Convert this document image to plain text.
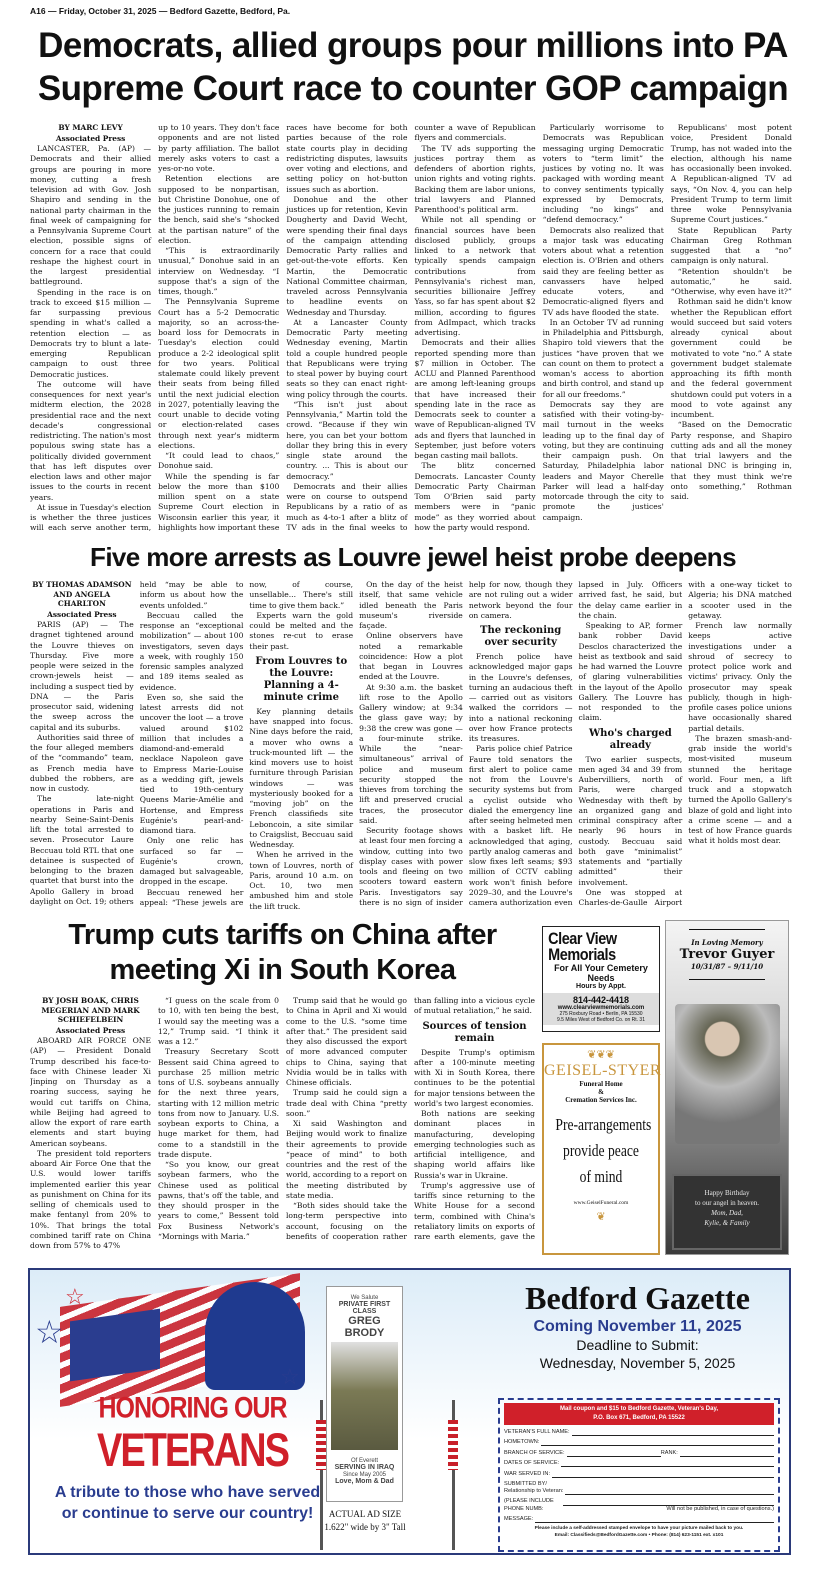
A16 — Friday, October 31, 2025 — Bedford Gazette, Bedford, Pa.
Democrats, allied groups pour millions into PA Supreme Court race to counter GOP campaign

BY MARC LEVY

Associated Press

LANCASTER, Pa. (AP) — Democrats and their allied groups are pouring in more money, cutting a fresh television ad with Gov. Josh Shapiro and sending in the national party chairman in the final week of campaigning for a Pennsylvania Supreme Court election, possible signs of concern for a race that could reshape the highest court in the largest presidential battleground.

Spending in the race is on track to exceed $15 million — far surpassing previous spending in what's called a retention election — as Democrats try to blunt a late-emerging Republican campaign to oust three Democratic justices.

The outcome will have consequences for next year's midterm election, the 2028 presidential race and the next decade's congressional redistricting. The nation's most populous swing state has a politically divided government that has left disputes over election laws and other major issues to the courts in recent years.

At issue in Tuesday's election is whether the three justices will each serve another term, up to 10 years. They don't face opponents and are not listed by party affiliation. The ballot merely asks voters to cast a yes-or-no vote.

Retention elections are supposed to be nonpartisan, but Christine Donohue, one of the justices running to remain the bench, said she's “shocked at the partisan nature” of the election.

“This is extraordinarily unusual,” Donohue said in an interview on Wednesday. “I suppose that's a sign of the times, though.”

The Pennsylvania Supreme Court has a 5-2 Democratic majority, so an across-the-board loss for Democrats in Tuesday's election could produce a 2-2 ideological split for two years. Political stalemate could likely prevent their seats from being filled until the next judicial election in 2027, potentially leaving the court unable to decide voting or election-related cases through next year's midterm elections.

“It could lead to chaos,” Donohue said.

While the spending is far below the more than $100 million spent on a state Supreme Court election in Wisconsin earlier this year, it highlights how important these races have become for both parties because of the role state courts play in deciding redistricting disputes, lawsuits over voting and elections, and setting policy on hot-button issues such as abortion.

Donohue and the other justices up for retention, Kevin Dougherty and David Wecht, were spending their final days of the campaign attending Democratic Party rallies and get-out-the-vote efforts. Ken Martin, the Democratic National Committee chairman, traveled across Pennsylvania to headline events on Wednesday and Thursday.

At a Lancaster County Democratic Party meeting Wednesday evening, Martin told a couple hundred people that Republicans were trying to steal power by buying court seats so they can enact right-wing policy through the courts.

“This isn't just about Pennsylvania,” Martin told the crowd. “Because if they win here, you can bet your bottom dollar they bring this in every single state around the country. ... This is about our democracy.”

Democrats and their allies were on course to outspend Republicans by a ratio of as much as 4-to-1 after a blitz of TV ads in the final weeks to counter a wave of Republican flyers and commercials.

The TV ads supporting the justices portray them as defenders of abortion rights, union rights and voting rights. Backing them are labor unions, trial lawyers and Planned Parenthood's political arm.

While not all spending or financial sources have been disclosed publicly, groups linked to a network that typically spends campaign contributions from Pennsylvania's richest man, securities billionaire Jeffrey Yass, so far has spent about $2 million, according to figures from AdImpact, which tracks advertising.

Democrats and their allies reported spending more than $7 million in October. The ACLU and Planned Parenthood are among left-leaning groups that have increased their spending late in the race as Democrats seek to counter a wave of Republican-aligned TV ads and flyers that launched in September, just before voters began casting mail ballots.

The blitz concerned Democrats. Lancaster County Democratic Party Chairman Tom O'Brien said party members were in “panic mode” as they worried about how the party would respond.

Particularly worrisome to Democrats was Republican messaging urging Democratic voters to “term limit” the justices by voting no. It was packaged with wording meant to convey sentiments typically expressed by Democrats, including “no kings” and “defend democracy.”

Democrats also realized that a major task was educating voters about what a retention election is. O'Brien and others said they are feeling better as canvassers have helped educate voters, and Democratic-aligned flyers and TV ads have flooded the state.

In an October TV ad running in Philadelphia and Pittsburgh, Shapiro told viewers that the justices “have proven that we can count on them to protect a woman's access to abortion and birth control, and stand up for all our freedoms.”

Democrats say they are satisfied with their voting-by-mail turnout in the weeks leading up to the final day of voting, but they are continuing their campaign push. On Saturday, Philadelphia labor leaders and Mayor Cherelle Parker will lead a half-day motorcade through the city to promote the justices' campaign.

Republicans' most potent voice, President Donald Trump, has not waded into the election, although his name has occasionally been invoked. A Republican-aligned TV ad says, “On Nov. 4, you can help President Trump to term limit three woke Pennsylvania Supreme Court justices.”

State Republican Party Chairman Greg Rothman suggested that a “no” campaign is only natural.

“Retention shouldn't be automatic,” he said. “Otherwise, why even have it?”

Rothman said he didn't know whether the Republican effort would succeed but said voters already cynical about government could be motivated to vote “no.” A state government budget stalemate approaching its fifth month and the federal government shutdown could put voters in a mood to vote against any incumbent.

“Based on the Democratic Party response, and Shapiro cutting ads and all the money that trial lawyers and the national DNC is bringing in, that they must think we're onto something,” Rothman said.

Five more arrests as Louvre jewel heist probe deepens

BY THOMAS ADAMSON AND ANGELA CHARLTON

Associated Press

PARIS (AP) — The dragnet tightened around the Louvre thieves on Thursday. Five more people were seized in the crown-jewels heist — including a suspect tied by DNA — the Paris prosecutor said, widening the sweep across the capital and its suburbs.

Authorities said three of the four alleged members of the “commando” team, as French media have dubbed the robbers, are now in custody.

The late-night operations in Paris and nearby Seine-Saint-Denis lift the total arrested to seven. Prosecutor Laure Beccuau told RTL that one detainee is suspected of belonging to the brazen quartet that burst into the Apollo Gallery in broad daylight on Oct. 19; others held “may be able to inform us about how the events unfolded.”

Beccuau called the response an “exceptional mobilization” — about 100 investigators, seven days a week, with roughly 150 forensic samples analyzed and 189 items sealed as evidence.

Even so, she said the latest arrests did not uncover the loot — a trove valued around $102 million that includes a diamond-and-emerald necklace Napoleon gave to Empress Marie-Louise as a wedding gift, jewels tied to 19th-century Queens Marie-Amélie and Hortense, and Empress Eugénie's pearl-and-diamond tiara.

Only one relic has surfaced so far — Eugénie's crown, damaged but salvageable, dropped in the escape.

Beccuau renewed her appeal: “These jewels are now, of course, unsellable... There's still time to give them back.”

Experts warn the gold could be melted and the stones re-cut to erase their past.

From Louvres to the Louvre: Planning a 4-minute crime

Key planning details have snapped into focus. Nine days before the raid, a mover who owns a truck-mounted lift — the kind movers use to hoist furniture through Parisian windows — was mysteriously booked for a “moving job” on the French classifieds site Leboncoin, a site similar to Craigslist, Beccuau said Wednesday.

When he arrived in the town of Louvres, north of Paris, around 10 a.m. on Oct. 10, two men ambushed him and stole the lift truck.

On the day of the heist itself, that same vehicle idled beneath the Paris museum's riverside façade.

Online observers have noted a remarkable coincidence: How a plot that began in Louvres ended at the Louvre.

At 9:30 a.m. the basket lift rose to the Apollo Gallery window; at 9:34 the glass gave way; by 9:38 the crew was gone — a four-minute strike. While the “near-simultaneous” arrival of police and museum security stopped the thieves from torching the lift and preserved crucial traces, the prosecutor said.

Security footage shows at least four men forcing a window, cutting into two display cases with power tools and fleeing on two scooters toward eastern Paris. Investigators say there is no sign of insider help for now, though they are not ruling out a wider network beyond the four on camera.

The reckoning over security

French police have acknowledged major gaps in the Louvre's defenses, turning an audacious theft — carried out as visitors walked the corridors — into a national reckoning over how France protects its treasures.

Paris police chief Patrice Faure told senators the first alert to police came not from the Louvre's security systems but from a cyclist outside who dialed the emergency line after seeing helmeted men with a basket lift. He acknowledged that aging, partly analog cameras and slow fixes left seams; $93 million of CCTV cabling work won't finish before 2029–30, and the Louvre's camera authorization even lapsed in July. Officers arrived fast, he said, but the delay came earlier in the chain.

Speaking to AP, former bank robber David Desclos characterized the heist as textbook and said he had warned the Louvre of glaring vulnerabilities in the layout of the Apollo Gallery. The Louvre has not responded to the claim.

Who's charged already

Two earlier suspects, men aged 34 and 39 from Aubervilliers, north of Paris, were charged Wednesday with theft by an organized gang and criminal conspiracy after nearly 96 hours in custody. Beccuau said both gave “minimalist” statements and “partially admitted” their involvement.

One was stopped at Charles-de-Gaulle Airport with a one-way ticket to Algeria; his DNA matched a scooter used in the getaway.

French law normally keeps active investigations under a shroud of secrecy to protect police work and victims' privacy. Only the prosecutor may speak publicly, though in high-profile cases police unions have occasionally shared partial details.

The brazen smash-and-grab inside the world's most-visited museum stunned the heritage world. Four men, a lift truck and a stopwatch turned the Apollo Gallery's blaze of gold and light into a crime scene — and a test of how France guards what it holds most dear.

Trump cuts tariffs on China after meeting Xi in South Korea

BY JOSH BOAK, CHRIS MEGERIAN AND MARK SCHIEFELBEIN

Associated Press

ABOARD AIR FORCE ONE (AP) — President Donald Trump described his face-to-face with Chinese leader Xi Jinping on Thursday as a roaring success, saying he would cut tariffs on China, while Beijing had agreed to allow the export of rare earth elements and start buying American soybeans.

The president told reporters aboard Air Force One that the U.S. would lower tariffs implemented earlier this year as punishment on China for its selling of chemicals used to make fentanyl from 20% to 10%. That brings the total combined tariff rate on China down from 57% to 47%

“I guess on the scale from 0 to 10, with ten being the best, I would say the meeting was a 12,” Trump said. “I think it was a 12.”

Treasury Secretary Scott Bessent said China agreed to purchase 25 million metric tons of U.S. soybeans annually for the next three years, starting with 12 million metric tons from now to January. U.S. soybean exports to China, a huge market for them, had come to a standstill in the trade dispute.

“So you know, our great soybean farmers, who the Chinese used as political pawns, that's off the table, and they should prosper in the years to come,” Bessent told Fox Business Network's “Mornings with Maria.”

Trump said that he would go to China in April and Xi would come to the U.S. “some time after that.” The president said they also discussed the export of more advanced computer chips to China, saying that Nvidia would be in talks with Chinese officials.

Trump said he could sign a trade deal with China “pretty soon.”

Xi said Washington and Beijing would work to finalize their agreements to provide “peace of mind” to both countries and the rest of the world, according to a report on the meeting distributed by state media.

“Both sides should take the long-term perspective into account, focusing on the benefits of cooperation rather than falling into a vicious cycle of mutual retaliation,” he said.

Sources of tension remain

Despite Trump's optimism after a 100-minute meeting with Xi in South Korea, there continues to be the potential for major tensions between the world's two largest economies.

Both nations are seeking dominant places in manufacturing, developing emerging technologies such as artificial intelligence, and shaping world affairs like Russia's war in Ukraine.

Trump's aggressive use of tariffs since returning to the White House for a second term, combined with China's retaliatory limits on exports of rare earth elements, gave the

Clear View Memorials
For All Your Cemetery Needs
Hours by Appt.
814-442-4418
www.clearviewmemorials.com
275 Roxbury Road • Berlin, PA 15530
9.5 Miles West of Bedford Co. on Rt. 31
❦❦❦
GEISEL-STYER
Funeral Home
&
Cremation Services Inc.
Pre-arrangements
provide peace
of mind
www.GeiselFuneral.com
❦
In Loving Memory
Trevor Guyer
10/31/87 – 9/11/10
Happy Birthday
to our angel in heaven.
Mom, Dad,
Kylie, & Family
☆
☆
☆
HONORING OUR
VETERANS
A tribute to those who have served or continue to serve our country!
We Salute
PRIVATE FIRST CLASS
GREG BRODY
Of Everett
SERVING IN IRAQ
Since May 2005
Love, Mom & Dad
ACTUAL AD SIZE
1.622" wide by 3" Tall
Bedford Gazette
Coming November 11, 2025
Deadline to Submit:
Wednesday, November 5, 2025
Mail coupon and $15 to Bedford Gazette, Veteran's Day,
P.O. Box 671, Bedford, PA 15522
VETERAN'S FULL NAME:
HOMETOWN:
BRANCH OF SERVICE:	RANK:
DATES OF SERVICE:
WAR SERVED IN:
SUBMITTED BY/
Relationship to Veteran:
(PLEASE INCLUDE
PHONE NUMB:	Will not be published, in case of questions.)
MESSAGE:
Please include a self-addressed stamped envelope to have your picture mailed back to you.
Email: Classifieds@BedfordGazette.com • Phone: (814) 623-1151 ext. x101
